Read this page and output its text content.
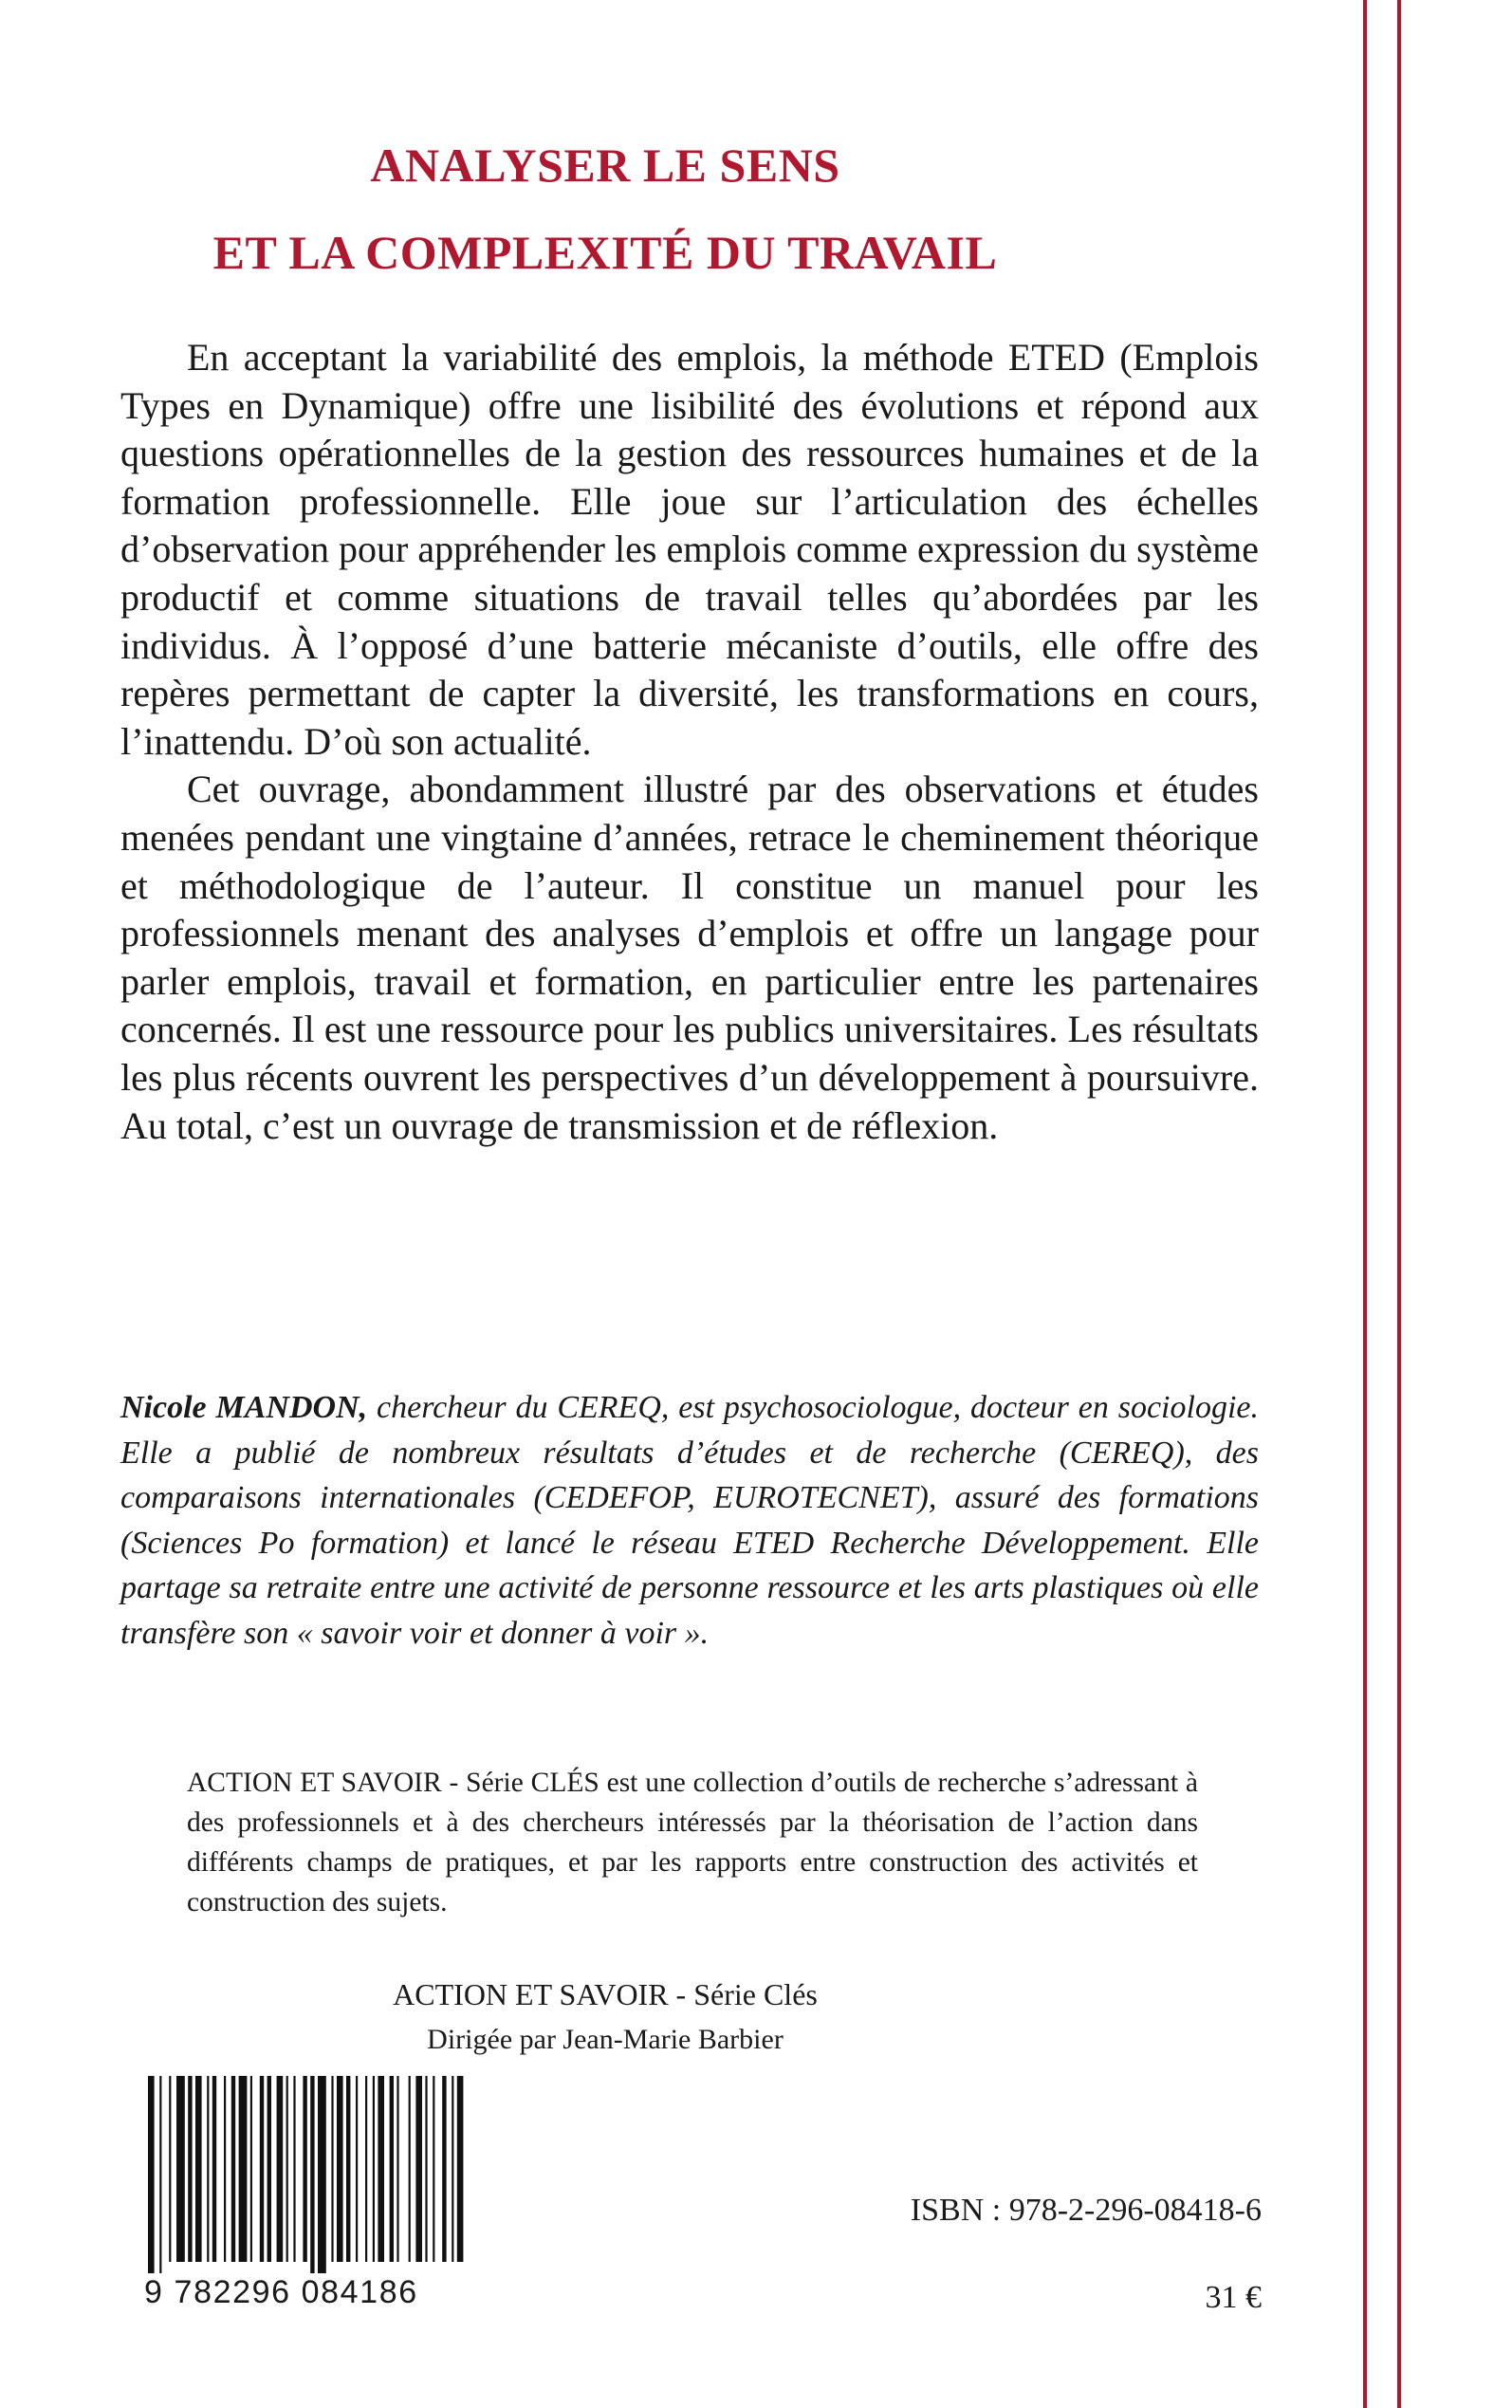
ANALYSER LE SENS
ET LA COMPLEXITÉ DU TRAVAIL

En acceptant la variabilité des emplois, la méthode ETED (Emplois Types en Dynamique) offre une lisibilité des évolutions et répond aux questions opérationnelles de la gestion des ressources humaines et de la formation professionnelle. Elle joue sur l’articulation des échelles d’observation pour appréhender les emplois comme expression du système productif et comme situations de travail telles qu’abordées par les individus. À l’opposé d’une batterie mécaniste d’outils, elle offre des repères permettant de capter la diversité, les transformations en cours, l’inattendu. D’où son actualité.

Cet ouvrage, abondamment illustré par des observations et études menées pendant une vingtaine d’années, retrace le cheminement théorique et méthodologique de l’auteur. Il constitue un manuel pour les professionnels menant des analyses d’emplois et offre un langage pour parler emplois, travail et formation, en particulier entre les partenaires concernés. Il est une ressource pour les publics universitaires. Les résultats les plus récents ouvrent les perspectives d’un développement à poursuivre. Au total, c’est un ouvrage de transmission et de réflexion.

Nicole MANDON, chercheur du CEREQ, est psychosociologue, docteur en sociologie. Elle a publié de nombreux résultats d’études et de recherche (CEREQ), des comparaisons internationales (CEDEFOP, EUROTECNET), assuré des formations (Sciences Po formation) et lancé le réseau ETED Recherche Développement. Elle partage sa retraite entre une activité de personne ressource et les arts plastiques où elle transfère son « savoir voir et donner à voir ».

ACTION ET SAVOIR - Série CLÉS est une collection d’outils de recherche s’adressant à des professionnels et à des chercheurs intéressés par la théorisation de l’action dans différents champs de pratiques, et par les rapports entre construction des activités et construction des sujets.

ACTION ET SAVOIR - Série Clés
Dirigée par Jean-Marie Barbier
9 782296 084186
ISBN : 978-2-296-08418-6
31 €
